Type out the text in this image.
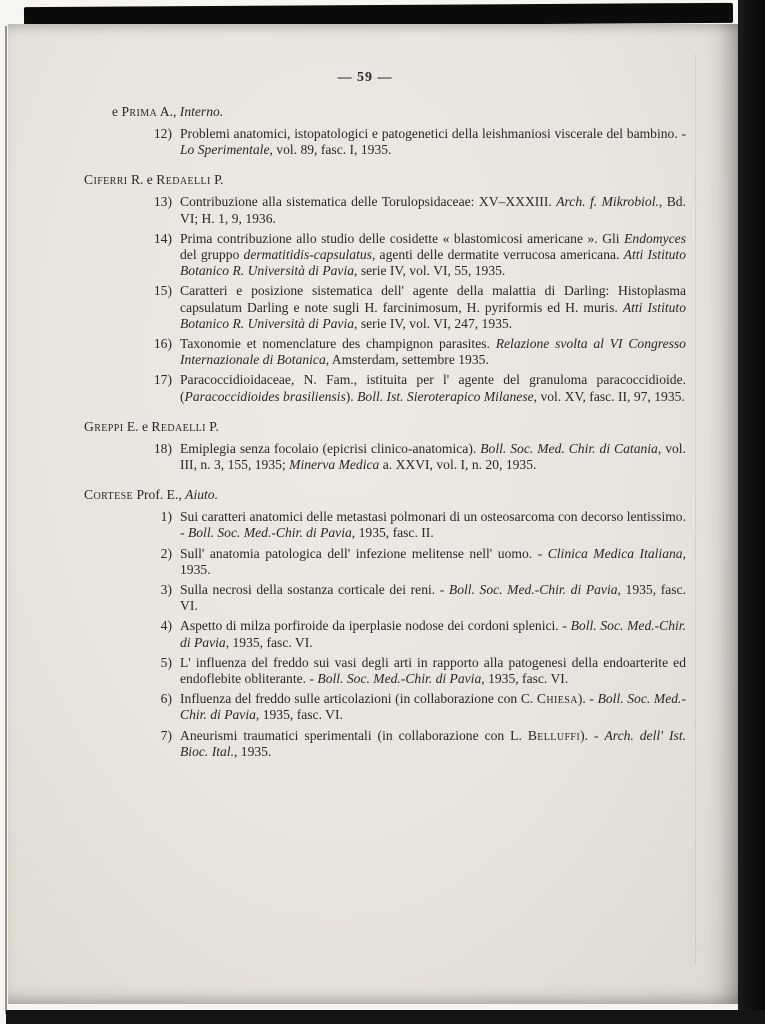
— 59 —
e Prima A., Interno.
12) Problemi anatomici, istopatologici e patogenetici della leishmaniosi viscerale del bambino. - Lo Sperimentale, vol. 89, fasc. I, 1935.
Ciferri R. e Redaelli P.
13) Contribuzione alla sistematica delle Torulopsidaceae: XV–XXXIII. Arch. f. Mikrobiol., Bd. VI; H. 1, 9, 1936.
14) Prima contribuzione allo studio delle cosidette « blastomicosi americane ». Gli Endomyces del gruppo dermatitidis-capsulatus, agenti delle dermatite verrucosa americana. Atti Istituto Botanico R. Università di Pavia, serie IV, vol. VI, 55, 1935.
15) Caratteri e posizione sistematica dell' agente della malattia di Darling: Histoplasma capsulatum Darling e note sugli H. farcinimosum, H. pyriformis ed H. muris. Atti Istituto Botanico R. Università di Pavia, serie IV, vol. VI, 247, 1935.
16) Taxonomie et nomenclature des champignon parasites. Relazione svolta al VI Congresso Internazionale di Botanica, Amsterdam, settembre 1935.
17) Paracoccidioidaceae, N. Fam., istituita per l' agente del granuloma paracoccidioide. (Paracoccidioides brasiliensis). Boll. Ist. Sieroterapico Milanese, vol. XV, fasc. II, 97, 1935.
Greppi E. e Redaelli P.
18) Emiplegia senza focolaio (epicrisi clinico-anatomica). Boll. Soc. Med. Chir. di Catania, vol. III, n. 3, 155, 1935; Minerva Medica a. XXVI, vol. I, n. 20, 1935.
Cortese Prof. E., Aiuto.
1) Sui caratteri anatomici delle metastasi polmonari di un osteosarcoma con decorso lentissimo. - Boll. Soc. Med.-Chir. di Pavia, 1935, fasc. II.
2) Sull' anatomia patologica dell' infezione melitense nell' uomo. - Clinica Medica Italiana, 1935.
3) Sulla necrosi della sostanza corticale dei reni. - Boll. Soc. Med.-Chir. di Pavia, 1935, fasc. VI.
4) Aspetto di milza porfiroide da iperplasie nodose dei cordoni splenici. - Boll. Soc. Med.-Chir. di Pavia, 1935, fasc. VI.
5) L' influenza del freddo sui vasi degli arti in rapporto alla patogenesi della endoarterite ed endoflebite obliterante. - Boll. Soc. Med.-Chir. di Pavia, 1935, fasc. VI.
6) Influenza del freddo sulle articolazioni (in collaborazione con C. Chiesa). - Boll. Soc. Med.-Chir. di Pavia, 1935, fasc. VI.
7) Aneurismi traumatici sperimentali (in collaborazione con L. Belluffi). - Arch. dell' Ist. Bioc. Ital., 1935.
